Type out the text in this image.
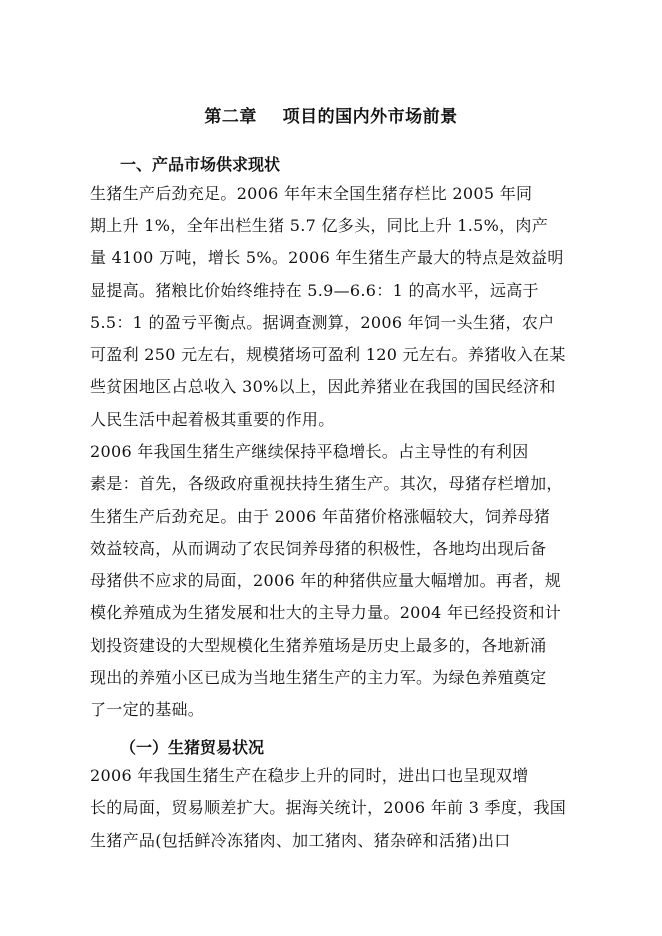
第二章    项目的国内外市场前景
一、产品市场供求现状
生猪生产后劲充足。2006 年年末全国生猪存栏比 2005 年同
期上升 1%，全年出栏生猪 5.7 亿多头，同比上升 1.5%，肉产
量 4100 万吨，增长 5%。2006 年生猪生产最大的特点是效益明
显提高。猪粮比价始终维持在 5.9—6.6：1 的高水平，远高于
5.5：1 的盈亏平衡点。据调查测算，2006 年饲一头生猪，农户
可盈利 250 元左右，规模猪场可盈利 120 元左右。养猪收入在某
些贫困地区占总收入 30%以上，因此养猪业在我国的国民经济和
人民生活中起着极其重要的作用。
2006 年我国生猪生产继续保持平稳增长。占主导性的有利因
素是：首先，各级政府重视扶持生猪生产。其次，母猪存栏增加，
生猪生产后劲充足。由于 2006 年苗猪价格涨幅较大，饲养母猪
效益较高，从而调动了农民饲养母猪的积极性，各地均出现后备
母猪供不应求的局面，2006 年的种猪供应量大幅增加。再者，规
模化养殖成为生猪发展和壮大的主导力量。2004 年已经投资和计
划投资建设的大型规模化生猪养殖场是历史上最多的，各地新涌
现出的养殖小区已成为当地生猪生产的主力军。为绿色养殖奠定
了一定的基础。
（一）生猪贸易状况
2006 年我国生猪生产在稳步上升的同时，进出口也呈现双增
长的局面，贸易顺差扩大。据海关统计，2006 年前 3 季度，我国
生猪产品(包括鲜冷冻猪肉、加工猪肉、猪杂碎和活猪)出口
